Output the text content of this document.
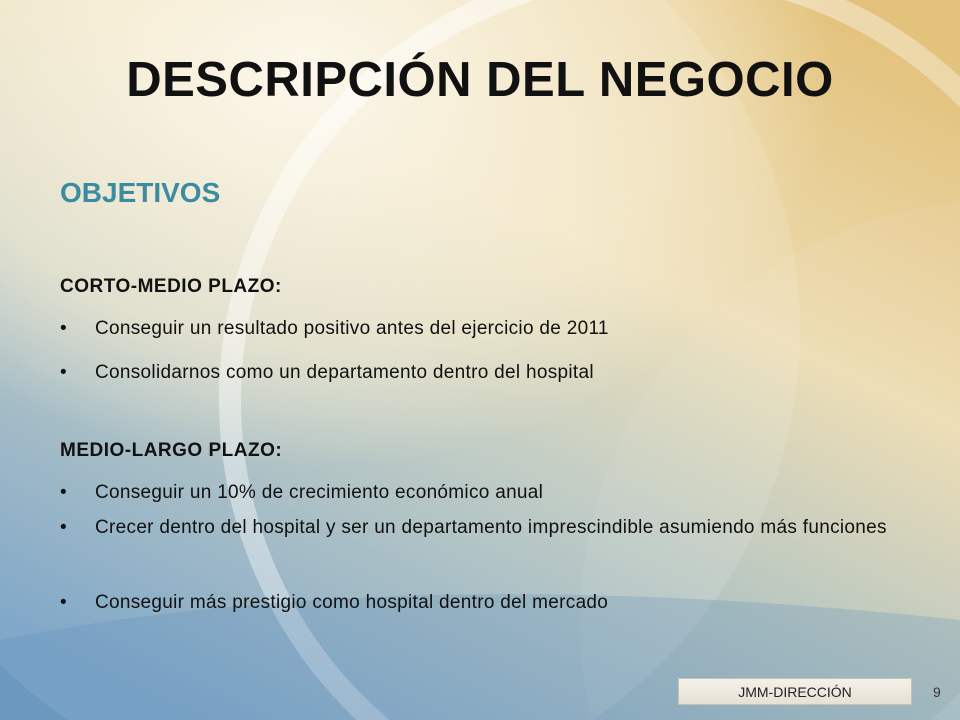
DESCRIPCIÓN DEL NEGOCIO
OBJETIVOS
CORTO-MEDIO PLAZO:
•	Conseguir un resultado positivo antes del ejercicio de 2011
•	Consolidarnos como un departamento dentro del hospital
MEDIO-LARGO PLAZO:
•	Conseguir un 10% de crecimiento económico anual
•	Crecer dentro del hospital y ser un departamento imprescindible asumiendo más funciones
•	Conseguir más prestigio como hospital dentro del mercado
JMM-DIRECCIÓN	9
